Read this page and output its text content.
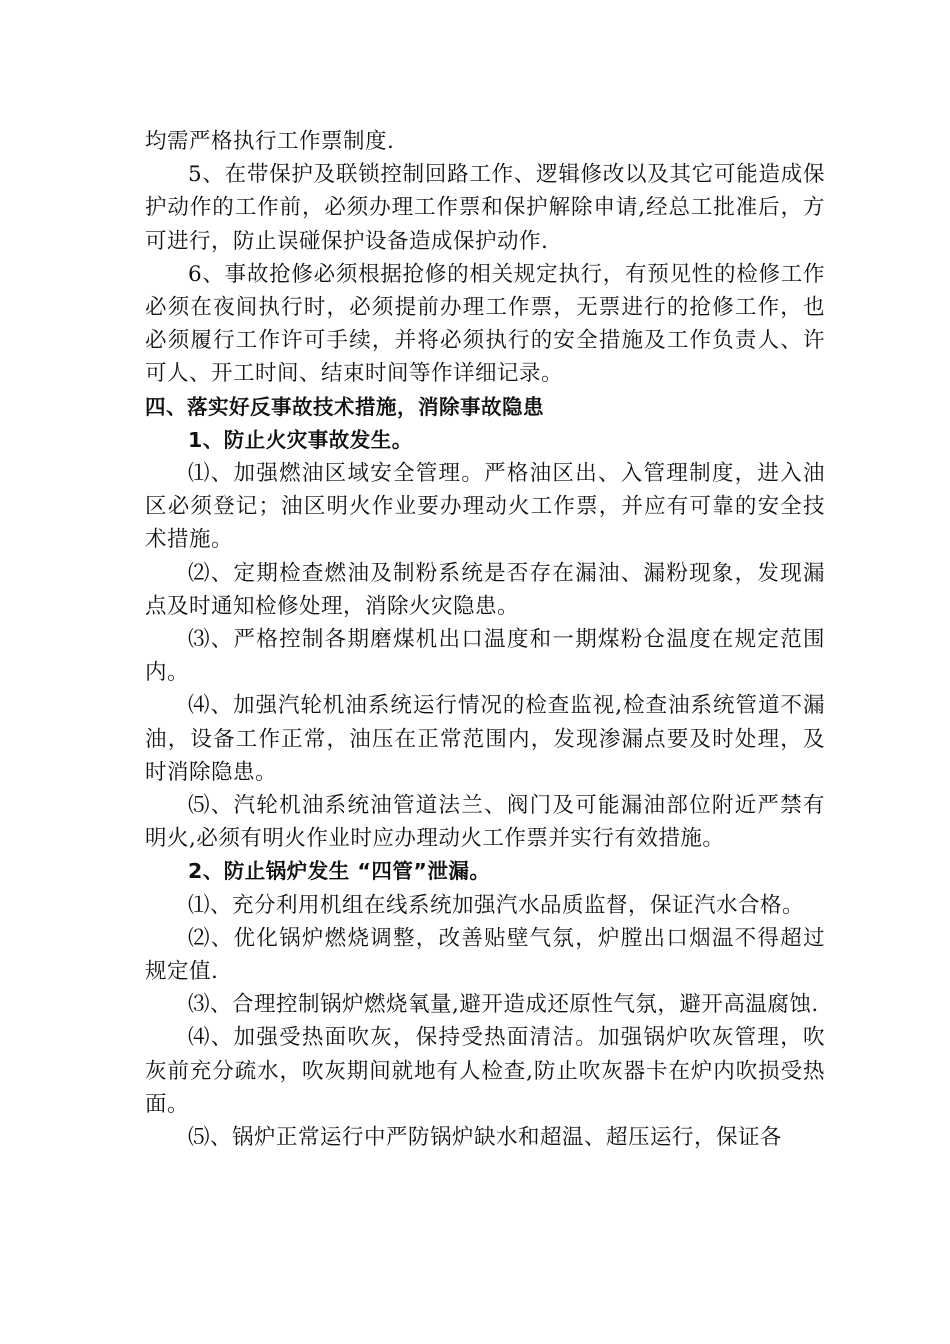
均需严格执行工作票制度.

5、在带保护及联锁控制回路工作、逻辑修改以及其它可能造成保护动作的工作前，必须办理工作票和保护解除申请,经总工批准后，方可进行，防止误碰保护设备造成保护动作.

6、事故抢修必须根据抢修的相关规定执行，有预见性的检修工作必须在夜间执行时，必须提前办理工作票，无票进行的抢修工作，也必须履行工作许可手续，并将必须执行的安全措施及工作负责人、许可人、开工时间、结束时间等作详细记录。

四、落实好反事故技术措施，消除事故隐患

1、防止火灾事故发生。

⑴、加强燃油区域安全管理。严格油区出、入管理制度，进入油区必须登记；油区明火作业要办理动火工作票，并应有可靠的安全技术措施。

⑵、定期检查燃油及制粉系统是否存在漏油、漏粉现象，发现漏点及时通知检修处理，消除火灾隐患。

⑶、严格控制各期磨煤机出口温度和一期煤粉仓温度在规定范围内。

⑷、加强汽轮机油系统运行情况的检查监视,检查油系统管道不漏油，设备工作正常，油压在正常范围内，发现渗漏点要及时处理，及时消除隐患。

⑸、汽轮机油系统油管道法兰、阀门及可能漏油部位附近严禁有明火,必须有明火作业时应办理动火工作票并实行有效措施。

2、防止锅炉发生 “四管”泄漏。

⑴、充分利用机组在线系统加强汽水品质监督，保证汽水合格。

⑵、优化锅炉燃烧调整，改善贴壁气氛，炉膛出口烟温不得超过规定值.

⑶、合理控制锅炉燃烧氧量,避开造成还原性气氛，避开高温腐蚀.

⑷、加强受热面吹灰，保持受热面清洁。加强锅炉吹灰管理，吹灰前充分疏水，吹灰期间就地有人检查,防止吹灰器卡在炉内吹损受热面。

⑸、锅炉正常运行中严防锅炉缺水和超温、超压运行，保证各
